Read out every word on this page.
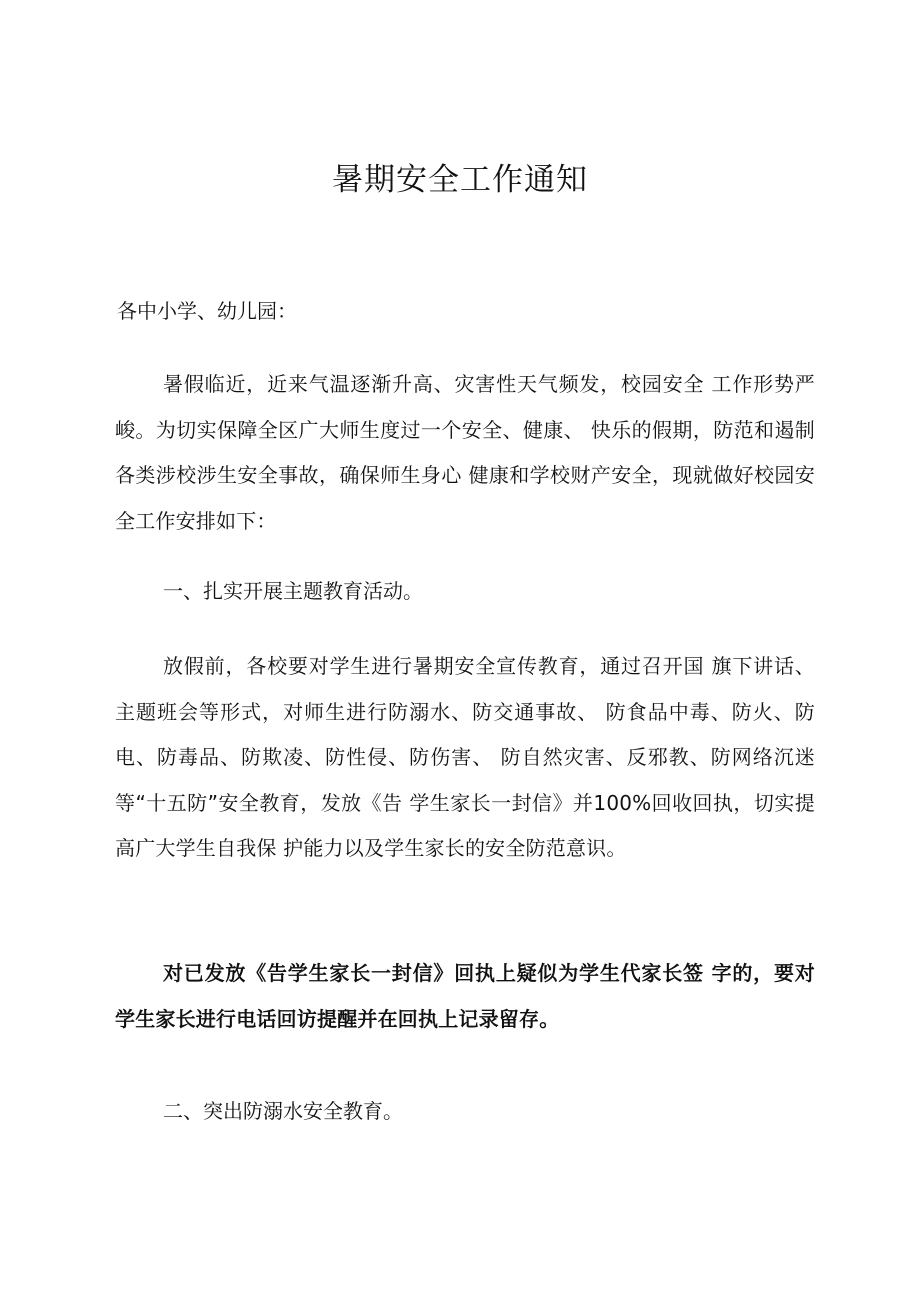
暑期安全工作通知

各中小学、幼儿园：

暑假临近，近来气温逐渐升高、灾害性天气频发，校园安全 工作形势严峻。为切实保障全区广大师生度过一个安全、健康、 快乐的假期，防范和遏制各类涉校涉生安全事故，确保师生身心 健康和学校财产安全，现就做好校园安全工作安排如下：

一、扎实开展主题教育活动。

放假前，各校要对学生进行暑期安全宣传教育，通过召开国 旗下讲话、主题班会等形式，对师生进行防溺水、防交通事故、 防食品中毒、防火、防电、防毒品、防欺凌、防性侵、防伤害、 防自然灾害、反邪教、防网络沉迷等“十五防”安全教育，发放《告 学生家长一封信》并100%回收回执，切实提高广大学生自我保 护能力以及学生家长的安全防范意识。

对已发放《告学生家长一封信》回执上疑似为学生代家长签 字的，要对学生家长进行电话回访提醒并在回执上记录留存。

二、突出防溺水安全教育。
